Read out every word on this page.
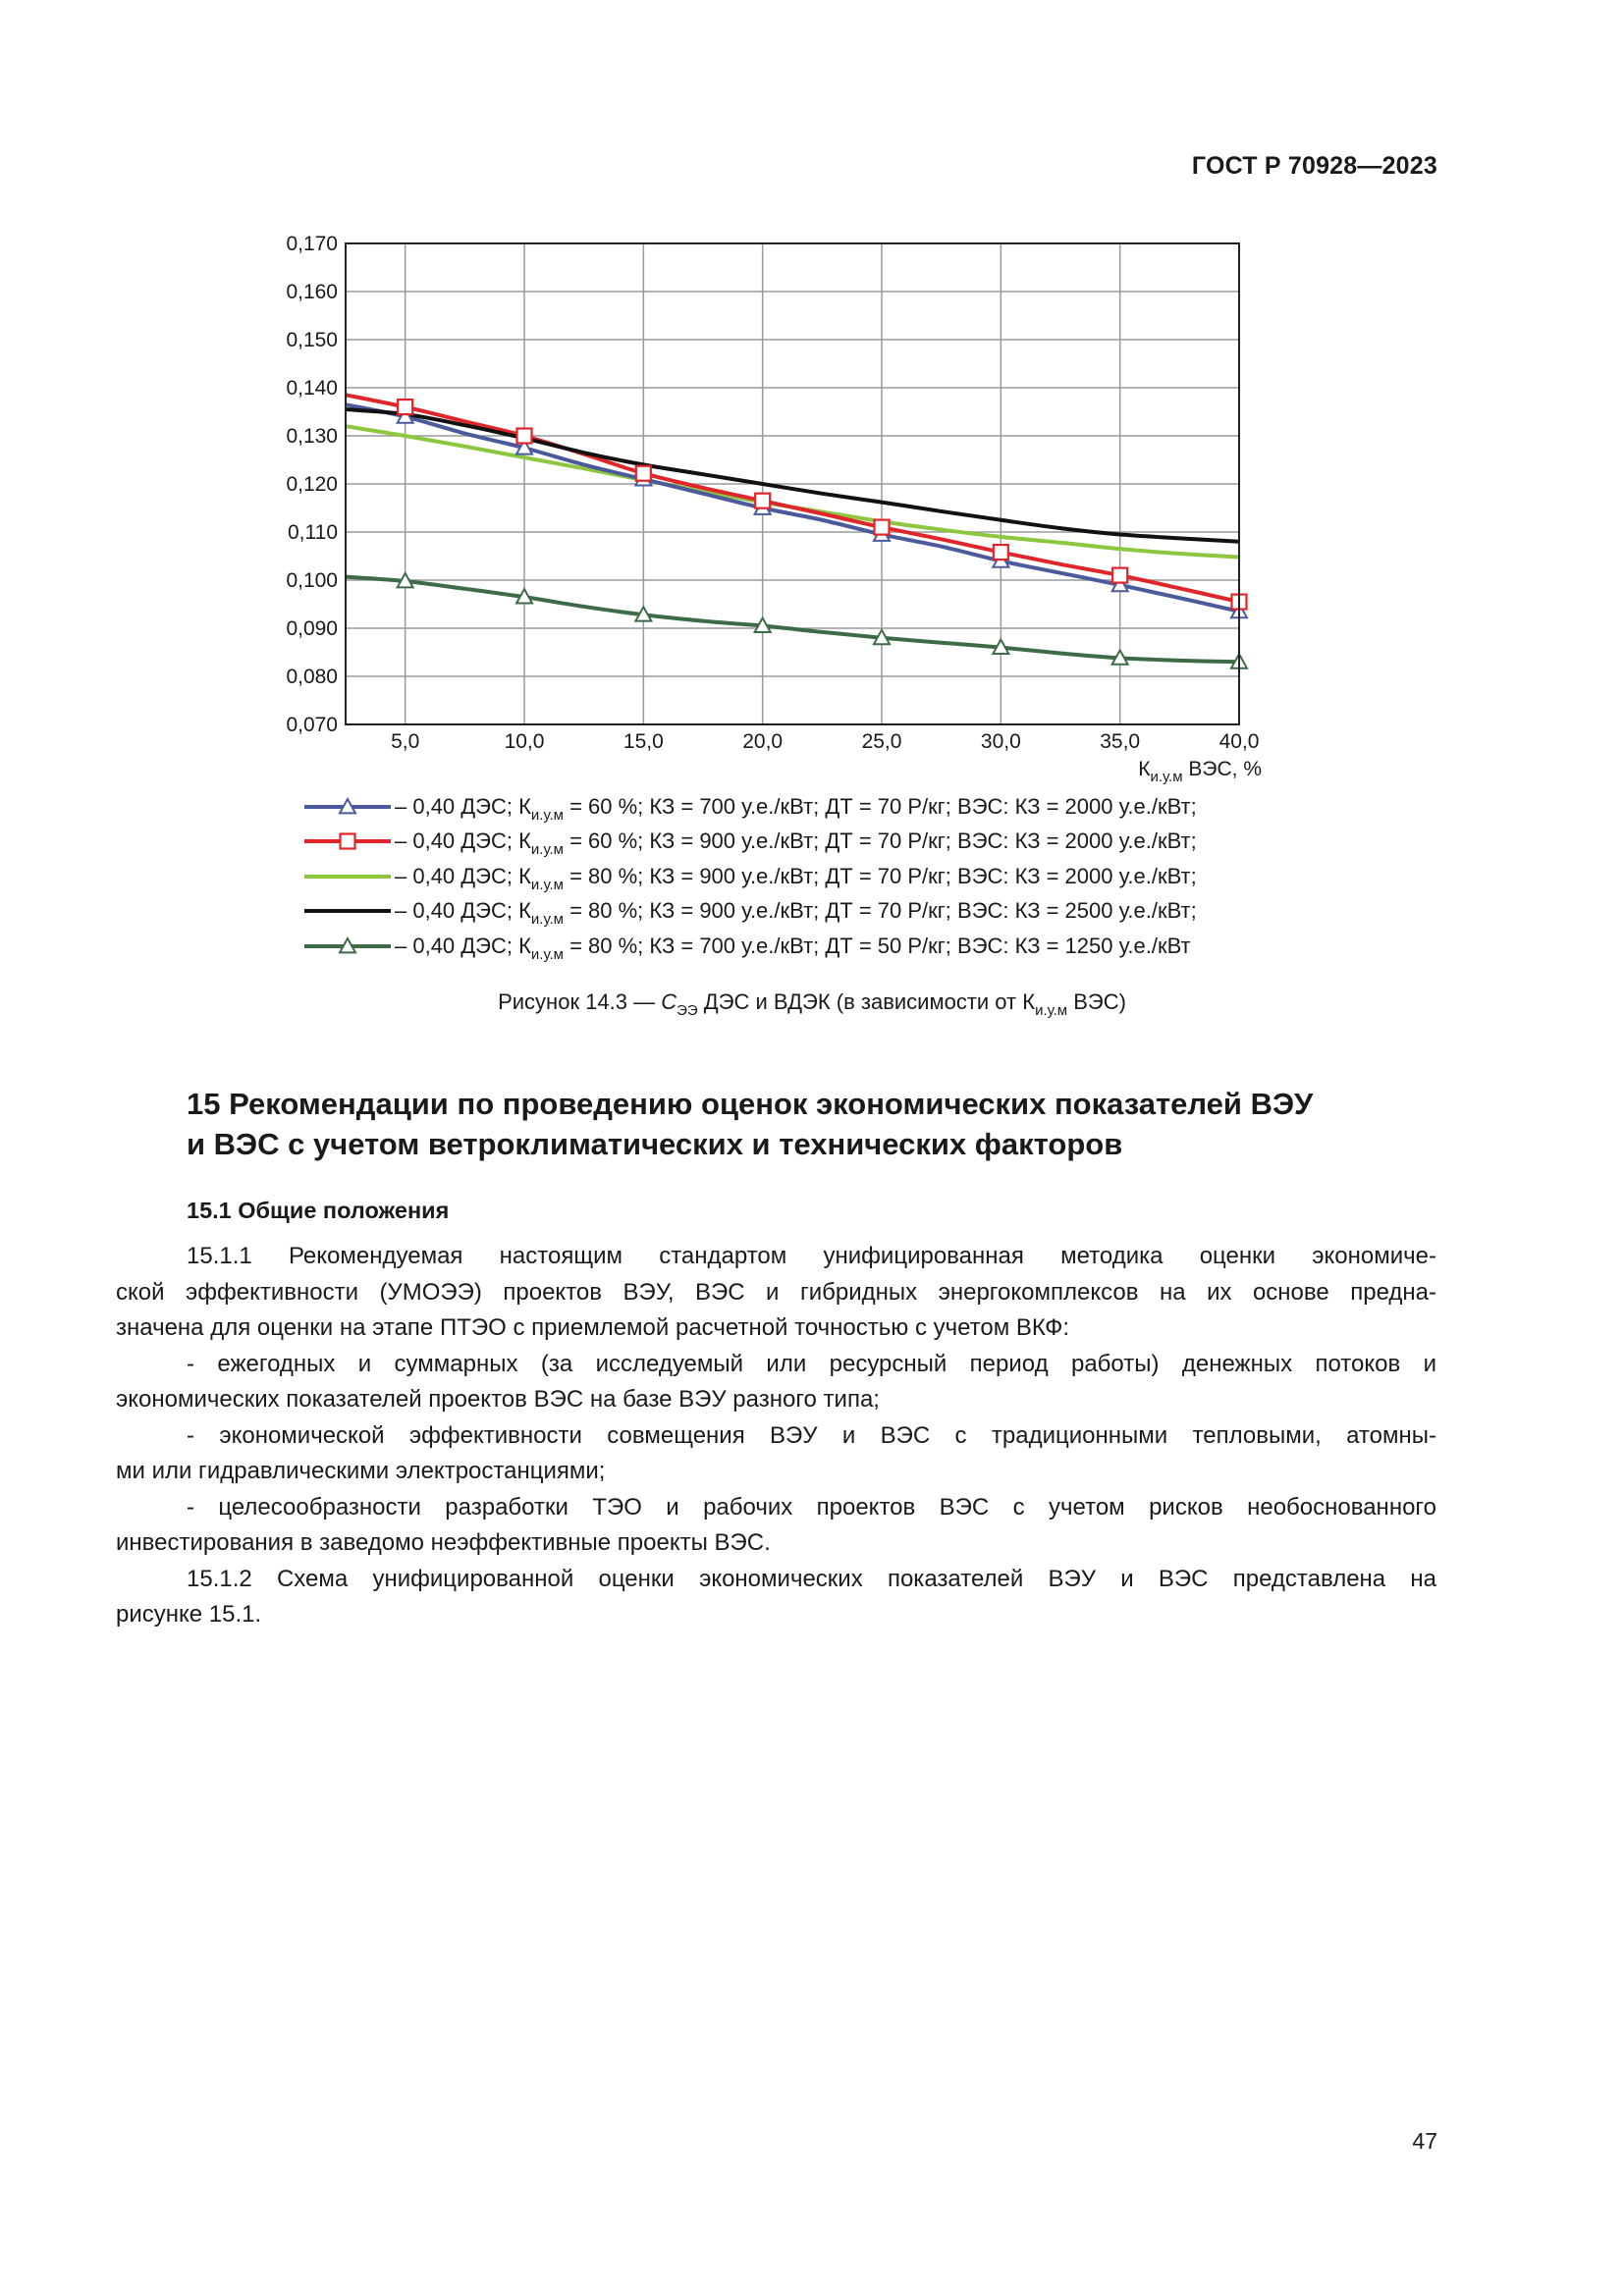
ГОСТ Р 70928—2023
0,070
0,080
0,090
0,100
0,110
0,120
0,130
0,140
0,150
0,160
0,170
5,0	10,0	15,0	20,0	25,0	30,0	35,0	40,0
$К_{и.у.м}$ ВЭС, %
– 0,40 ДЭС; $К_{и.у.м} = 60$ %; КЗ = 700 у.е./кВт; ДТ = 70 Р/кг; ВЭС: КЗ = 2000 у.е./кВт;
– 0,40 ДЭС; $К_{и.у.м} = 60$ %; КЗ = 900 у.е./кВт; ДТ = 70 Р/кг; ВЭС: КЗ = 2000 у.е./кВт;
– 0,40 ДЭС; $К_{и.у.м} = 80$ %; КЗ = 900 у.е./кВт; ДТ = 70 Р/кг; ВЭС: КЗ = 2000 у.е./кВт;
– 0,40 ДЭС; $К_{и.у.м} = 80$ %; КЗ = 900 у.е./кВт; ДТ = 70 Р/кг; ВЭС: КЗ = 2500 у.е./кВт;
– 0,40 ДЭС; $К_{и.у.м} = 80$ %; КЗ = 700 у.е./кВт; ДТ = 50 Р/кг; ВЭС: КЗ = 1250 у.е./кВт
Рисунок 14.3 — $С_{ЭЭ}$ ДЭС и ВДЭК (в зависимости от $К_{и.у.м}$ ВЭС)
15 Рекомендации по проведению оценок экономических показателей ВЭУ
и ВЭС с учетом ветроклиматических и технических факторов
15.1 Общие положения

15.1.1 Рекомендуемая настоящим стандартом унифицированная методика оценки экономиче-

ской эффективности (УМОЭЭ) проектов ВЭУ, ВЭС и гибридных энергокомплексов на их основе предна-

значена для оценки на этапе ПТЭО с приемлемой расчетной точностью с учетом ВКФ:

- ежегодных и суммарных (за исследуемый или ресурсный период работы) денежных потоков и

экономических показателей проектов ВЭС на базе ВЭУ разного типа;

- экономической эффективности совмещения ВЭУ и ВЭС с традиционными тепловыми, атомны-

ми или гидравлическими электростанциями;

- целесообразности разработки ТЭО и рабочих проектов ВЭС с учетом рисков необоснованного

инвестирования в заведомо неэффективные проекты ВЭС.

15.1.2 Схема унифицированной оценки экономических показателей ВЭУ и ВЭС представлена на

рисунке 15.1.

47
